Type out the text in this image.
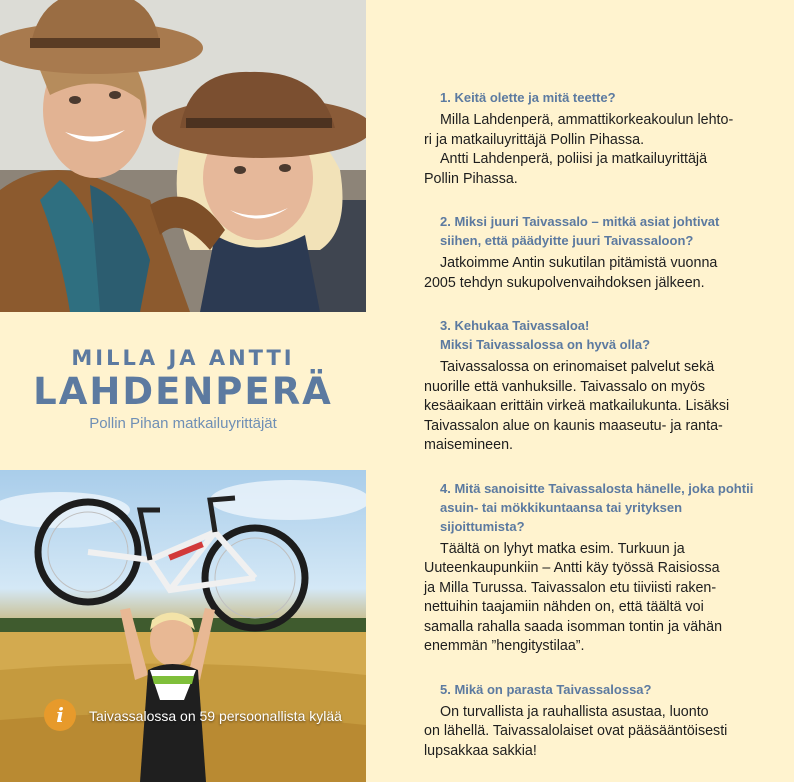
MILLA JA ANTTI
LAHDENPERÄ
Pollin Pihan matkailuyrittäjät
i	Taivassalossa on 59 persoonallista kylää

1. Keitä olette ja mitä teette?

Milla Lahdenperä, ammattikorkeakoulun lehto-

ri ja matkailuyrittäjä Pollin Pihassa.

Antti Lahdenperä, poliisi ja matkailuyrittäjä

Pollin Pihassa.

2. Miksi juuri Taivassalo – mitkä asiat johtivat
siihen, että päädyitte juuri Taivassaloon?

Jatkoimme Antin sukutilan pitämistä vuonna

2005 tehdyn sukupolvenvaihdoksen jälkeen.

3. Kehukaa Taivassaloa!
Miksi Taivassalossa on hyvä olla?

Taivassalossa on erinomaiset palvelut sekä

nuorille että vanhuksille. Taivassalo on myös

kesäaikaan erittäin virkeä matkailukunta. Lisäksi

Taivassalon alue on kaunis maaseutu- ja ranta-

maisemineen.

4. Mitä sanoisitte Taivassalosta hänelle, joka pohtii
asuin- tai mökkikuntaansa tai yrityksen sijoittumista?

Täältä on lyhyt matka esim. Turkuun ja

Uuteenkaupunkiin – Antti käy työssä Raisiossa

ja Milla Turussa. Taivassalon etu tiiviisti raken-

nettuihin taajamiin nähden on, että täältä voi

samalla rahalla saada isomman tontin ja vähän

enemmän ”hengitystilaa”.

5. Mikä on parasta Taivassalossa?

On turvallista ja rauhallista asustaa, luonto

on lähellä. Taivassalolaiset ovat pääsääntöisesti

lupsakkaa sakkia!
